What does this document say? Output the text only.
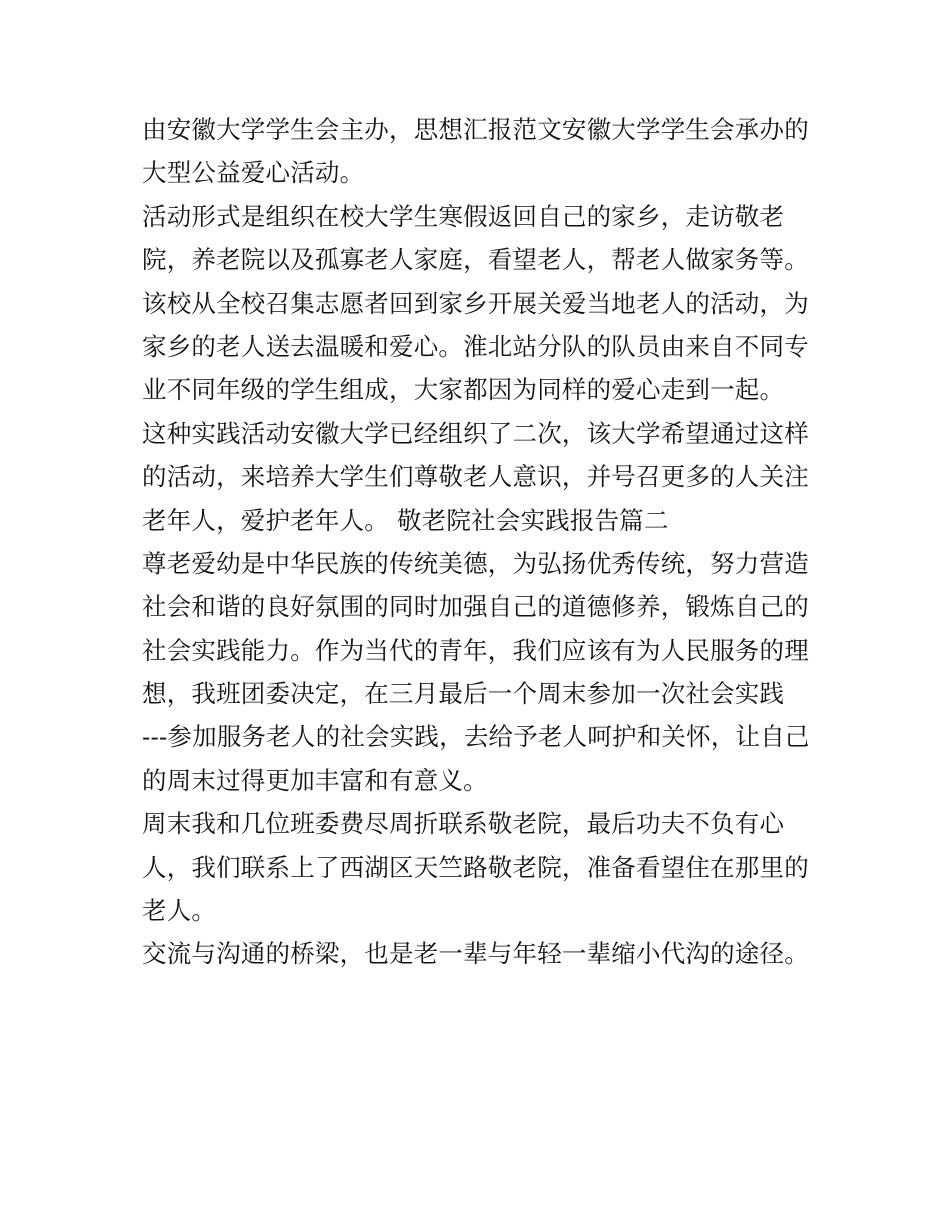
由安徽大学学生会主办，思想汇报范文安徽大学学生会承办的
大型公益爱心活动。
活动形式是组织在校大学生寒假返回自己的家乡，走访敬老
院，养老院以及孤寡老人家庭，看望老人，帮老人做家务等。
该校从全校召集志愿者回到家乡开展关爱当地老人的活动，为
家乡的老人送去温暖和爱心。淮北站分队的队员由来自不同专
业不同年级的学生组成，大家都因为同样的爱心走到一起。
这种实践活动安徽大学已经组织了二次，该大学希望通过这样
的活动，来培养大学生们尊敬老人意识，并号召更多的人关注
老年人，爱护老年人。 敬老院社会实践报告篇二
尊老爱幼是中华民族的传统美德，为弘扬优秀传统，努力营造
社会和谐的良好氛围的同时加强自己的道德修养，锻炼自己的
社会实践能力。作为当代的青年，我们应该有为人民服务的理
想，我班团委决定，在三月最后一个周末参加一次社会实践
---参加服务老人的社会实践，去给予老人呵护和关怀，让自己
的周末过得更加丰富和有意义。
周末我和几位班委费尽周折联系敬老院，最后功夫不负有心
人，我们联系上了西湖区天竺路敬老院，准备看望住在那里的
老人。
交流与沟通的桥梁，也是老一辈与年轻一辈缩小代沟的途径。
